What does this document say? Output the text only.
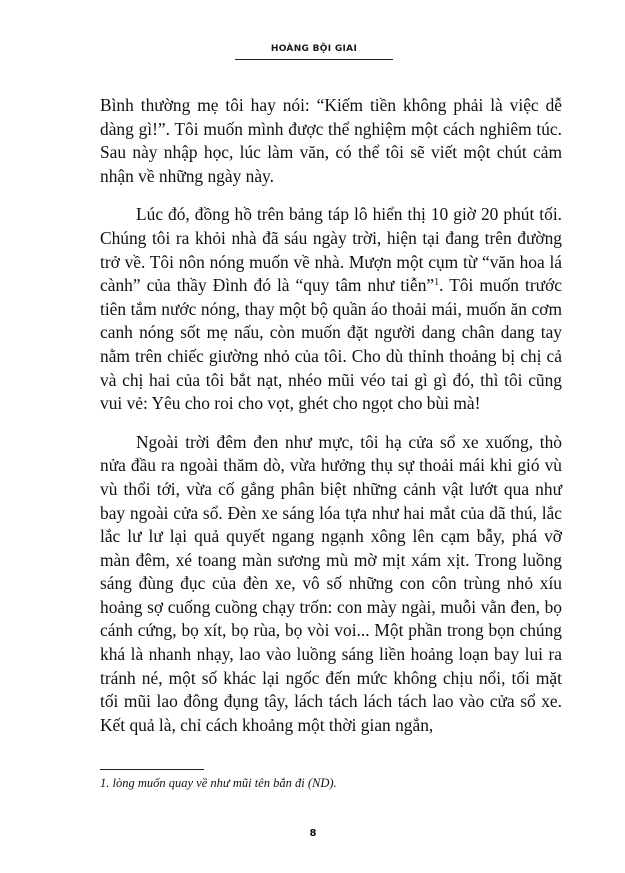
HOÀNG BỘI GIAI

Bình thường mẹ tôi hay nói: “Kiếm tiền không phải là việc dễ dàng gì!”. Tôi muốn mình được thể nghiệm một cách nghiêm túc. Sau này nhập học, lúc làm văn, có thể tôi sẽ viết một chút cảm nhận về những ngày này.

Lúc đó, đồng hồ trên bảng táp lô hiển thị 10 giờ 20 phút tối. Chúng tôi ra khỏi nhà đã sáu ngày trời, hiện tại đang trên đường trở về. Tôi nôn nóng muốn về nhà. Mượn một cụm từ “văn hoa lá cành” của thầy Đình đó là “quy tâm như tiễn”$^1$. Tôi muốn trước tiên tắm nước nóng, thay một bộ quần áo thoải mái, muốn ăn cơm canh nóng sốt mẹ nấu, còn muốn đặt người dang chân dang tay nằm trên chiếc giường nhỏ của tôi. Cho dù thỉnh thoảng bị chị cả và chị hai của tôi bắt nạt, nhéo mũi véo tai gì gì đó, thì tôi cũng vui vẻ: Yêu cho roi cho vọt, ghét cho ngọt cho bùi mà!

Ngoài trời đêm đen như mực, tôi hạ cửa sổ xe xuống, thò nửa đầu ra ngoài thăm dò, vừa hưởng thụ sự thoải mái khi gió vù vù thổi tới, vừa cố gắng phân biệt những cảnh vật lướt qua như bay ngoài cửa sổ. Đèn xe sáng lóa tựa như hai mắt của dã thú, lắc lắc lư lư lại quả quyết ngang ngạnh xông lên cạm bẫy, phá vỡ màn đêm, xé toang màn sương mù mờ mịt xám xịt. Trong luồng sáng đùng đục của đèn xe, vô số những con côn trùng nhỏ xíu hoảng sợ cuống cuồng chạy trốn: con mày ngài, muỗi vằn đen, bọ cánh cứng, bọ xít, bọ rùa, bọ vòi voi... Một phần trong bọn chúng khá là nhanh nhạy, lao vào luồng sáng liền hoảng loạn bay lui ra tránh né, một số khác lại ngốc đến mức không chịu nổi, tối mặt tối mũi lao đông đụng tây, lách tách lách tách lao vào cửa sổ xe. Kết quả là, chỉ cách khoảng một thời gian ngắn,

1. lòng muốn quay về như mũi tên bắn đi (ND).
8
